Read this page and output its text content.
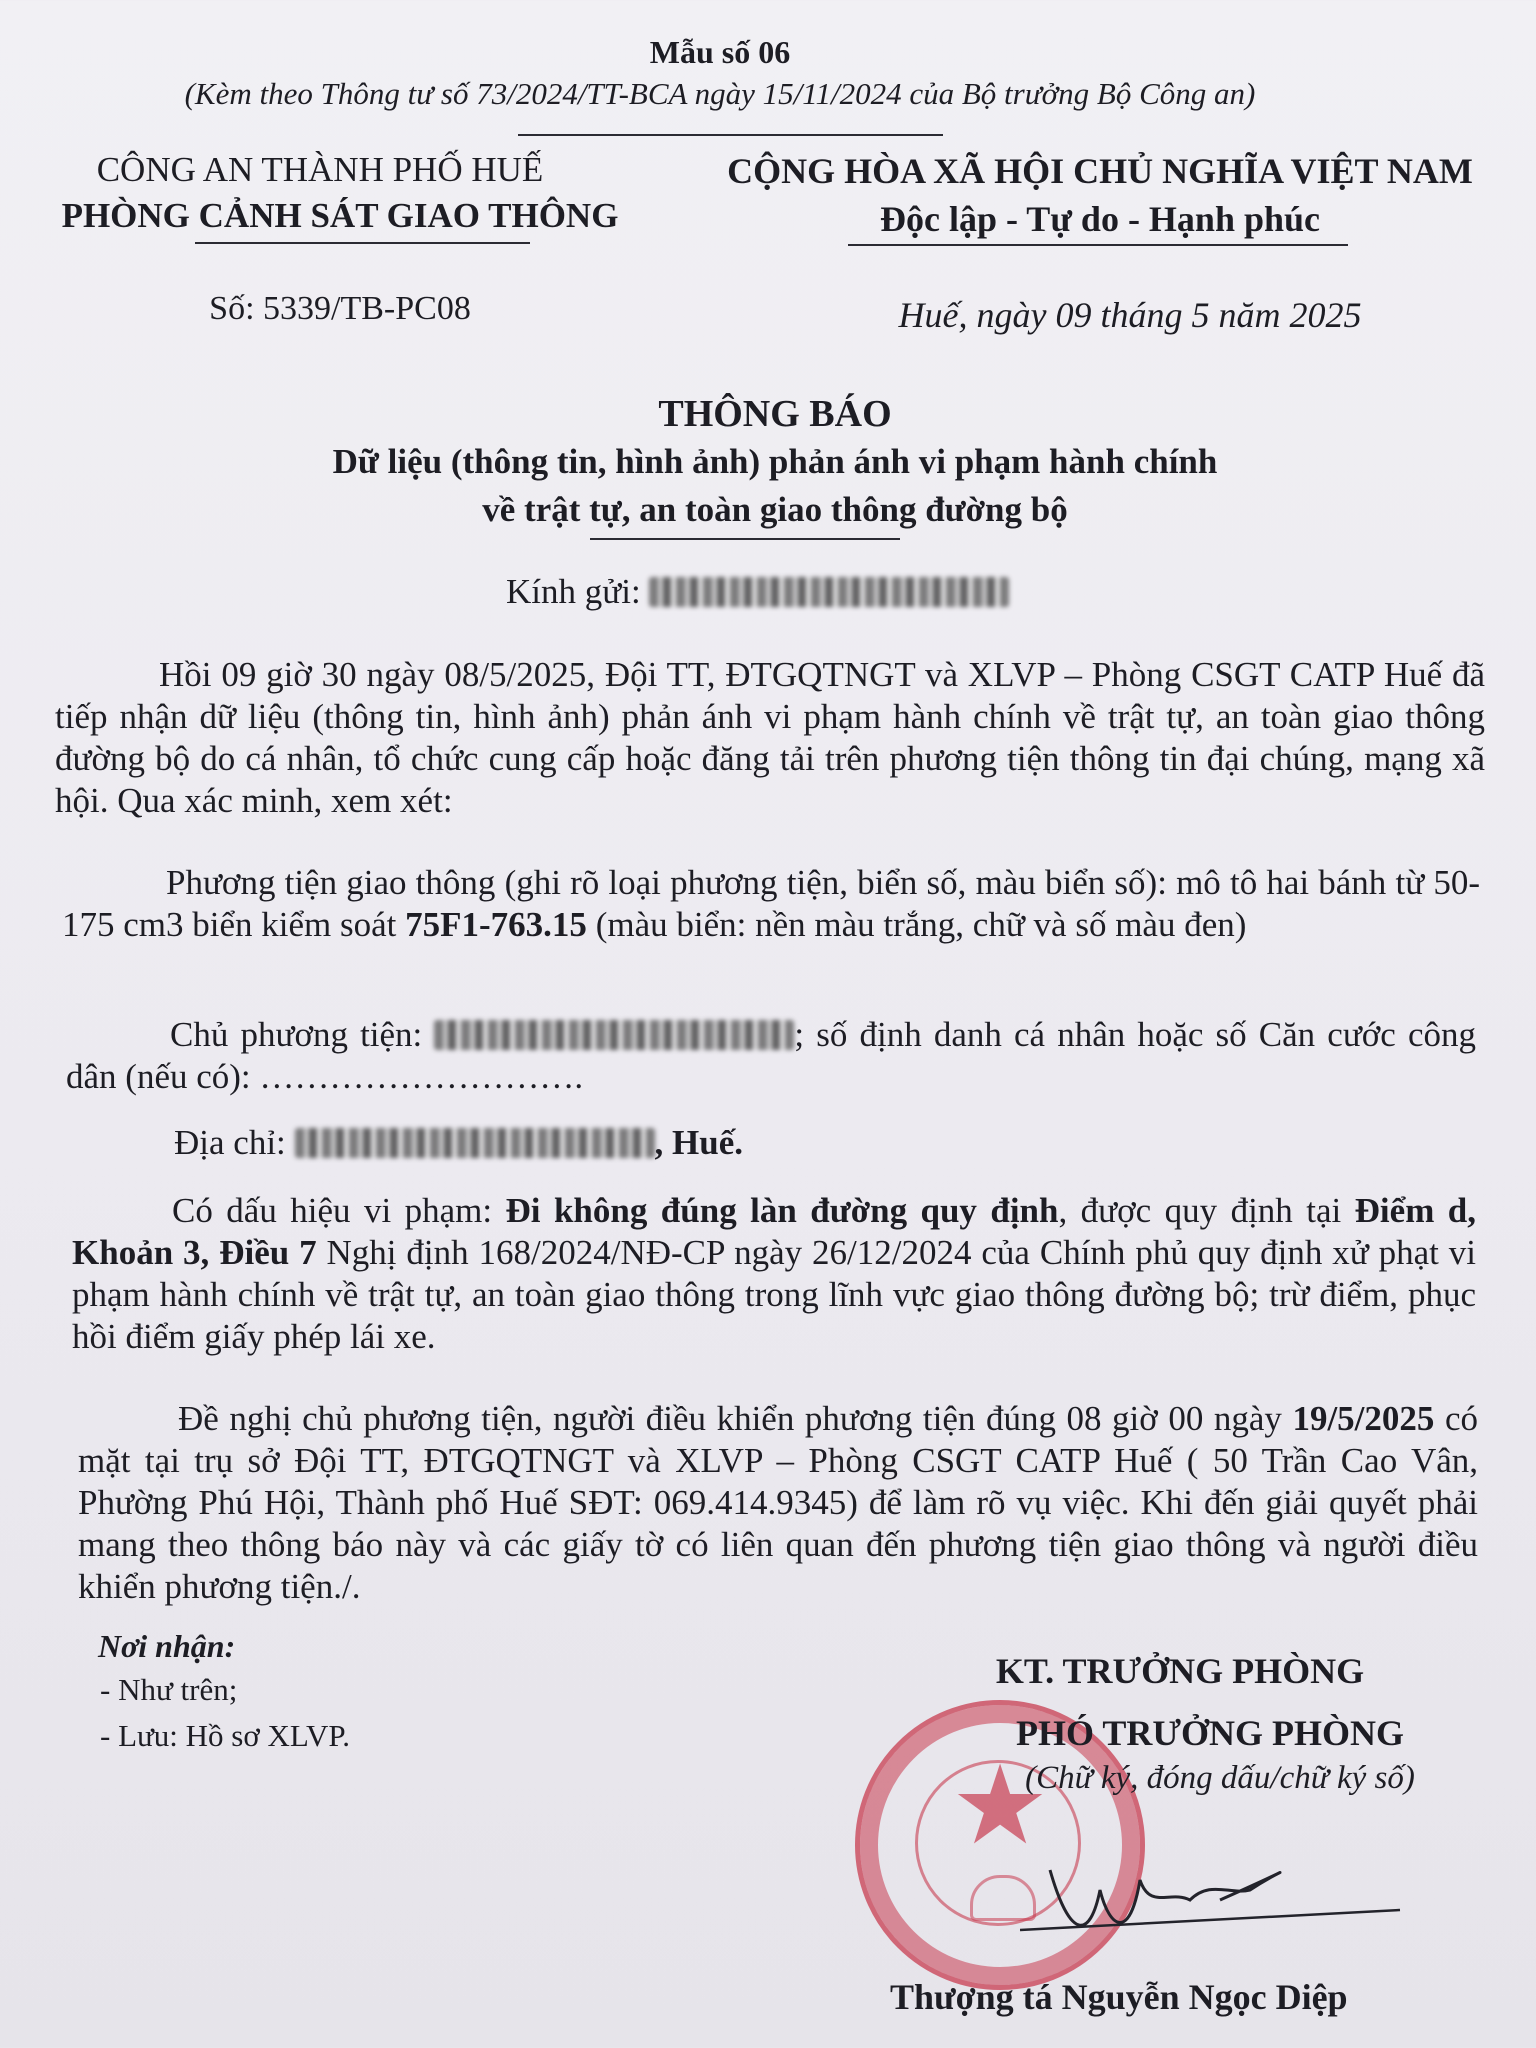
Mẫu số 06
(Kèm theo Thông tư số 73/2024/TT-BCA ngày 15/11/2024 của Bộ trưởng Bộ Công an)
CÔNG AN THÀNH PHỐ HUẾ
PHÒNG CẢNH SÁT GIAO THÔNG
Số: 5339/TB-PC08
CỘNG HÒA XÃ HỘI CHỦ NGHĨA VIỆT NAM
Độc lập - Tự do - Hạnh phúc
Huế, ngày 09 tháng 5 năm 2025
THÔNG BÁO
Dữ liệu (thông tin, hình ảnh) phản ánh vi phạm hành chính
về trật tự, an toàn giao thông đường bộ
Kính gửi:

Hồi 09 giờ 30 ngày 08/5/2025, Đội TT, ĐTGQTNGT và XLVP – Phòng CSGT CATP Huế đã tiếp nhận dữ liệu (thông tin, hình ảnh) phản ánh vi phạm hành chính về trật tự, an toàn giao thông đường bộ do cá nhân, tổ chức cung cấp hoặc đăng tải trên phương tiện thông tin đại chúng, mạng xã hội. Qua xác minh, xem xét:

Phương tiện giao thông (ghi rõ loại phương tiện, biển số, màu biển số): mô tô hai bánh từ 50-175 cm3 biển kiểm soát 75F1-763.15 (màu biển: nền màu trắng, chữ và số màu đen)

Chủ phương tiện:	; số định danh cá nhân hoặc số Căn cước công dân (nếu có): ……………………….

Địa chỉ:	, Huế.

Có dấu hiệu vi phạm: Đi không đúng làn đường quy định, được quy định tại Điểm d, Khoản 3, Điều 7 Nghị định 168/2024/NĐ-CP ngày 26/12/2024 của Chính phủ quy định xử phạt vi phạm hành chính về trật tự, an toàn giao thông trong lĩnh vực giao thông đường bộ; trừ điểm, phục hồi điểm giấy phép lái xe.

Đề nghị chủ phương tiện, người điều khiển phương tiện đúng 08 giờ 00 ngày 19/5/2025 có mặt tại trụ sở Đội TT, ĐTGQTNGT và XLVP – Phòng CSGT CATP Huế ( 50 Trần Cao Vân, Phường Phú Hội, Thành phố Huế SĐT: 069.414.9345) để làm rõ vụ việc. Khi đến giải quyết phải mang theo thông báo này và các giấy tờ có liên quan đến phương tiện giao thông và người điều khiển phương tiện./.

Nơi nhận:
- Như trên;
- Lưu: Hồ sơ XLVP.
★
KT. TRƯỞNG PHÒNG
PHÓ TRƯỞNG PHÒNG
(Chữ ký, đóng dấu/chữ ký số)
Thượng tá Nguyễn Ngọc Diệp
